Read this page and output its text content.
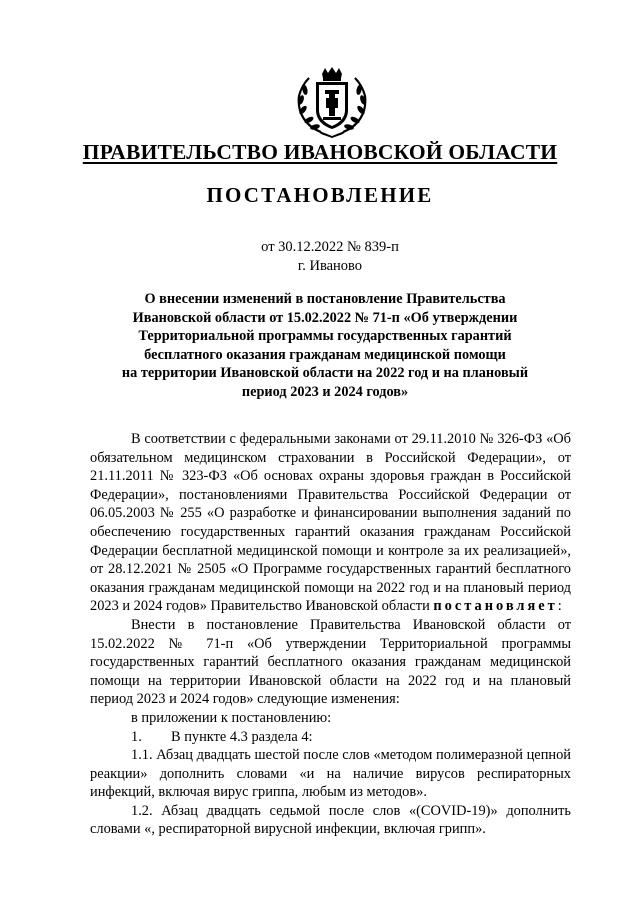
ПРАВИТЕЛЬСТВО ИВАНОВСКОЙ ОБЛАСТИ
ПОСТАНОВЛЕНИЕ
от 30.12.2022 № 839-п
г. Иваново
О внесении изменений в постановление Правительства
Ивановской области от 15.02.2022 № 71-п «Об утверждении
Территориальной программы государственных гарантий
бесплатного оказания гражданам медицинской помощи
на территории Ивановской области на 2022 год и на плановый
период 2023 и 2024 годов»

В соответствии с федеральными законами от 29.11.2010 № 326-ФЗ «Об обязательном медицинском страховании в Российской Федерации», от 21.11.2011 № 323-ФЗ «Об основах охраны здоровья граждан в Российской Федерации», постановлениями Правительства Российской Федерации от 06.05.2003 № 255 «О разработке и финансировании выполнения заданий по обеспечению государственных гарантий оказания гражданам Российской Федерации бесплатной медицинской помощи и контроле за их реализацией», от 28.12.2021 № 2505 «О Программе государственных гарантий бесплатного оказания гражданам медицинской помощи на 2022 год и на плановый период 2023 и 2024 годов» Правительство Ивановской области постановляет:

Внести в постановление Правительства Ивановской области от 15.02.2022 № 71-п «Об утверждении Территориальной программы государственных гарантий бесплатного оказания гражданам медицинской помощи на территории Ивановской области на 2022 год и на плановый период 2023 и 2024 годов» следующие изменения:

в приложении к постановлению:

1. В пункте 4.3 раздела 4:

1.1. Абзац двадцать шестой после слов «методом полимеразной цепной реакции» дополнить словами «и на наличие вирусов респираторных инфекций, включая вирус гриппа, любым из методов».

1.2. Абзац двадцать седьмой после слов «(COVID-19)» дополнить словами «, респираторной вирусной инфекции, включая грипп».
